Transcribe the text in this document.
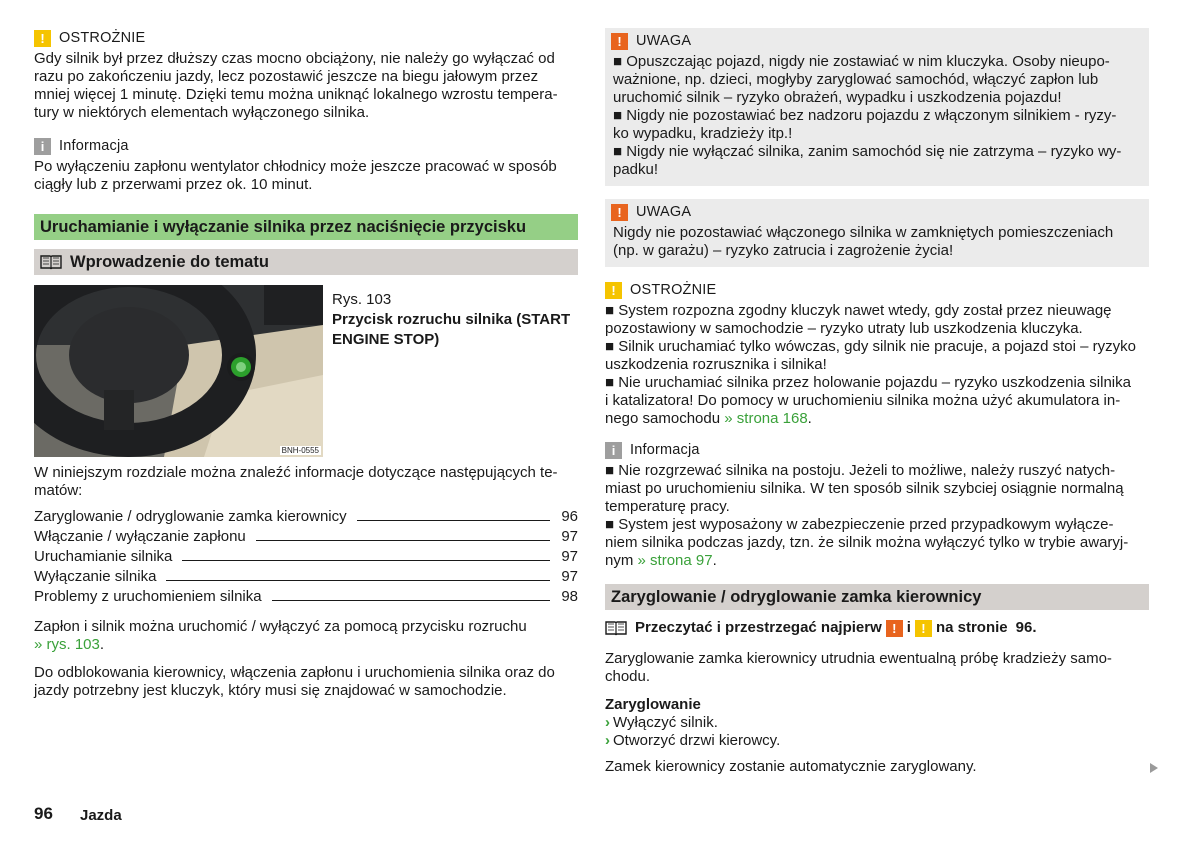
! OSTROŻNIE

Gdy silnik był przez dłuższy czas mocno obciążony, nie należy go wyłączać od

razu po zakończeniu jazdy, lecz pozostawić jeszcze na biegu jałowym przez

mniej więcej 1 minutę. Dzięki temu można uniknąć lokalnego wzrostu tempera-

tury w niektórych elementach wyłączonego silnika.

i	Informacja

Po wyłączeniu zapłonu wentylator chłodnicy może jeszcze pracować w sposób

ciągły lub z przerwami przez ok. 10 minut.

Uruchamianie i wyłączanie silnika przez naciśnięcie przycisku
Wprowadzenie do tematu
BNH-0555
Rys. 103
Przycisk rozruchu silnika (START
ENGINE STOP)

W niniejszym rozdziale można znaleźć informacje dotyczące następujących te-

matów:

Zaryglowanie / odryglowanie zamka kierownicy	96
Włączanie / wyłączanie zapłonu	97
Uruchamianie silnika	97
Wyłączanie silnika	97
Problemy z uruchomieniem silnika	98

Zapłon i silnik można uruchomić / wyłączyć za pomocą przycisku rozruchu

» rys. 103.

Do odblokowania kierownicy, włączenia zapłonu i uruchomienia silnika oraz do

jazdy potrzebny jest kluczyk, który musi się znajdować w samochodzie.

! UWAGA

■ Opuszczając pojazd, nigdy nie zostawiać w nim kluczyka. Osoby nieupo-

ważnione, np. dzieci, mogłyby zaryglować samochód, włączyć zapłon lub

uruchomić silnik – ryzyko obrażeń, wypadku i uszkodzenia pojazdu!

■ Nigdy nie pozostawiać bez nadzoru pojazdu z włączonym silnikiem - ryzy-

ko wypadku, kradzieży itp.!

■ Nigdy nie wyłączać silnika, zanim samochód się nie zatrzyma – ryzyko wy-

padku!

! UWAGA

Nigdy nie pozostawiać włączonego silnika w zamkniętych pomieszczeniach

(np. w garażu) – ryzyko zatrucia i zagrożenie życia!

! OSTROŻNIE

■ System rozpozna zgodny kluczyk nawet wtedy, gdy został przez nieuwagę

pozostawiony w samochodzie – ryzyko utraty lub uszkodzenia kluczyka.

■ Silnik uruchamiać tylko wówczas, gdy silnik nie pracuje, a pojazd stoi – ryzyko

uszkodzenia rozrusznika i silnika!

■ Nie uruchamiać silnika przez holowanie pojazdu – ryzyko uszkodzenia silnika

i katalizatora! Do pomocy w uruchomieniu silnika można użyć akumulatora in-

nego samochodu » strona 168.

i	Informacja

■ Nie rozgrzewać silnika na postoju. Jeżeli to możliwe, należy ruszyć natych-

miast po uruchomieniu silnika. W ten sposób silnik szybciej osiągnie normalną

temperaturę pracy.

■ System jest wyposażony w zabezpieczenie przed przypadkowym wyłącze-

niem silnika podczas jazdy, tzn. że silnik można wyłączyć tylko w trybie awaryj-

nym » strona 97.

Zaryglowanie / odryglowanie zamka kierownicy
Przeczytać i przestrzegać najpierw ! i ! na stronie 96.

Zaryglowanie zamka kierownicy utrudnia ewentualną próbę kradzieży samo-

chodu.

Zaryglowanie

› Wyłączyć silnik.

› Otworzyć drzwi kierowcy.

Zamek kierownicy zostanie automatycznie zaryglowany.

96 Jazda
